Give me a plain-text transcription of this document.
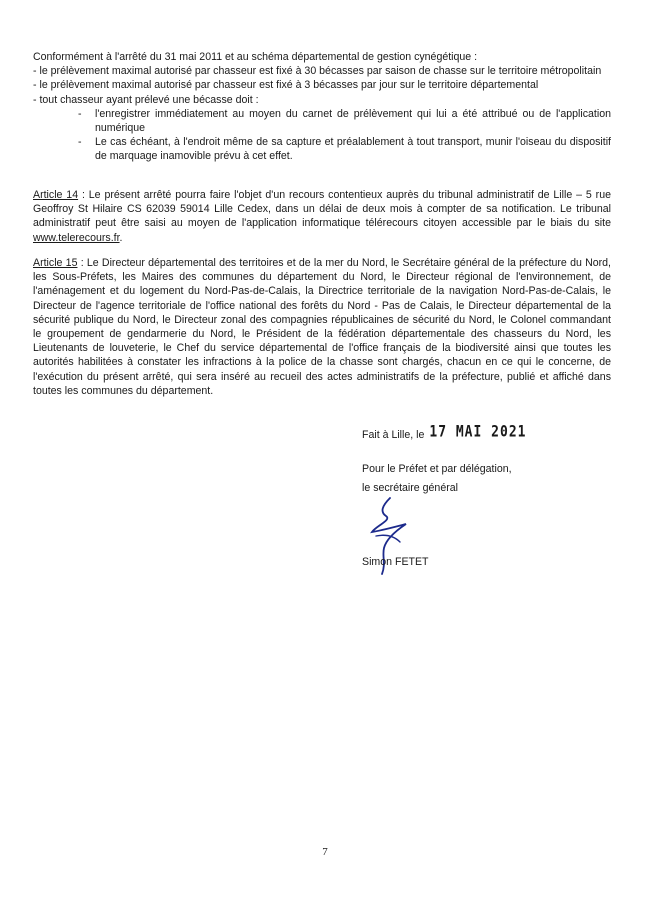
Conformément à l'arrêté du 31 mai 2011 et au schéma départemental de gestion cynégétique :

- le prélèvement maximal autorisé par chasseur est fixé à 30 bécasses par saison de chasse sur le territoire métropolitain

- le prélèvement maximal autorisé par chasseur est fixé à 3 bécasses par jour sur le territoire départemental

- tout chasseur ayant prélevé une bécasse doit :

- l'enregistrer immédiatement au moyen du carnet de prélèvement qui lui a été attribué ou de l'application numérique
- Le cas échéant, à l'endroit même de sa capture et préalablement à tout transport, munir l'oiseau du dispositif de marquage inamovible prévu à cet effet.

Article 14 : Le présent arrêté pourra faire l'objet d'un recours contentieux auprès du tribunal administratif de Lille – 5 rue Geoffroy St Hilaire CS 62039 59014 Lille Cedex, dans un délai de deux mois à compter de sa notification. Le tribunal administratif peut être saisi au moyen de l'application informatique télérecours citoyen accessible par le biais du site www.telerecours.fr.

Article 15 : Le Directeur départemental des territoires et de la mer du Nord, le Secrétaire général de la préfecture du Nord, les Sous-Préfets, les Maires des communes du département du Nord, le Directeur régional de l'environnement, de l'aménagement et du logement du Nord-Pas-de-Calais, la Directrice territoriale de la navigation Nord-Pas-de-Calais, le Directeur de l'agence territoriale de l'office national des forêts du Nord - Pas de Calais, le Directeur départemental de la sécurité publique du Nord, le Directeur zonal des compagnies républicaines de sécurité du Nord, le Colonel commandant le groupement de gendarmerie du Nord, le Président de la fédération départementale des chasseurs du Nord, les Lieutenants de louveterie, le Chef du service départemental de l'office français de la biodiversité ainsi que toutes les autorités habilitées à constater les infractions à la police de la chasse sont chargés, chacun en ce qui le concerne, de l'exécution du présent arrêté, qui sera inséré au recueil des actes administratifs de la préfecture, publié et affiché dans toutes les communes du département.

Fait à Lille, le 17 MAI 2021
Pour le Préfet et par délégation,
le secrétaire général
Simon FETET
7
